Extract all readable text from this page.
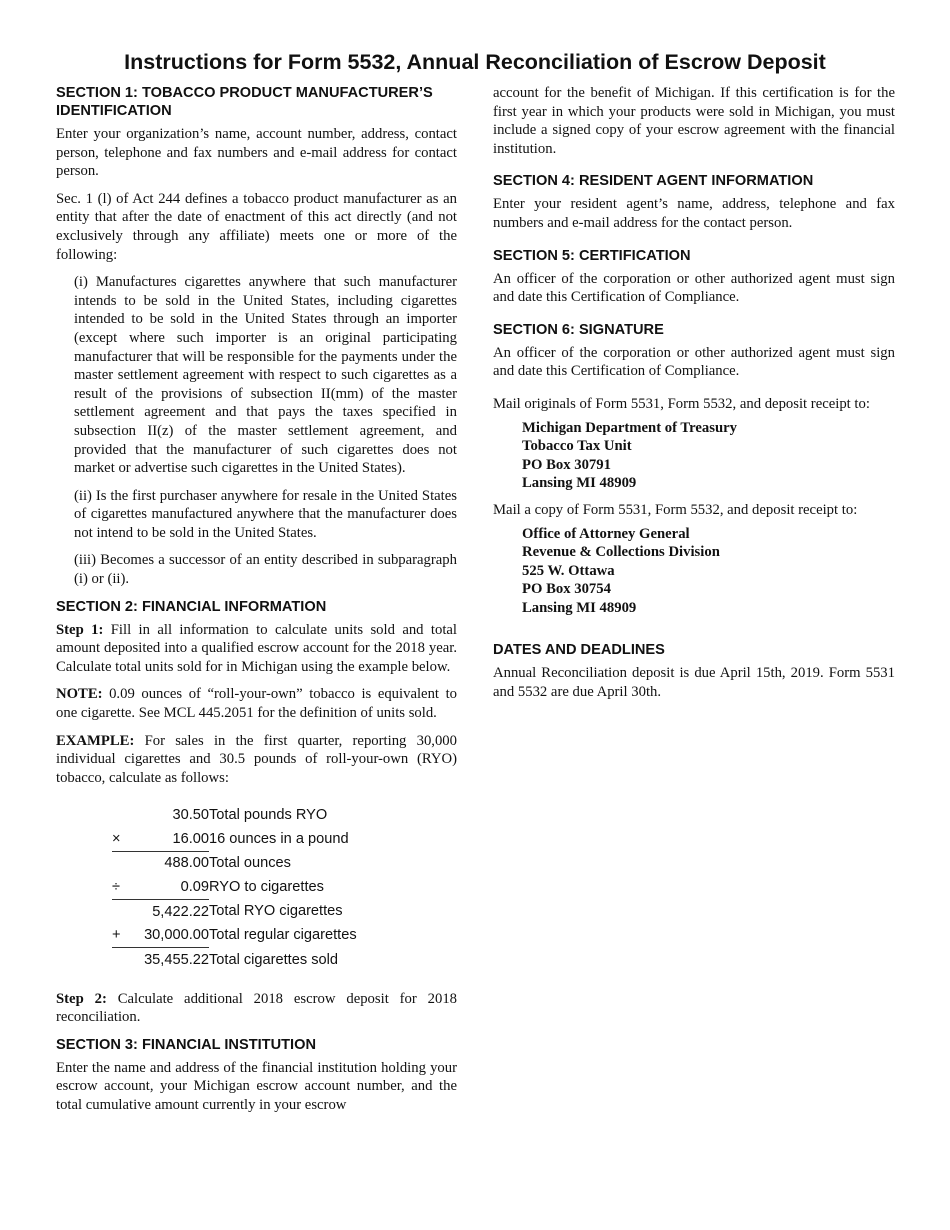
Instructions for Form 5532, Annual Reconciliation of Escrow Deposit
SECTION 1: TOBACCO PRODUCT MANUFACTURER’S IDENTIFICATION

Enter your organization’s name, account number, address, contact person, telephone and fax numbers and e-mail address for contact person.

Sec. 1 (l) of Act 244 defines a tobacco product manufacturer as an entity that after the date of enactment of this act directly (and not exclusively through any affiliate) meets one or more of the following:

(i) Manufactures cigarettes anywhere that such manufacturer intends to be sold in the United States, including cigarettes intended to be sold in the United States through an importer (except where such importer is an original participating manufacturer that will be responsible for the payments under the master settlement agreement with respect to such cigarettes as a result of the provisions of subsection II(mm) of the master settlement agreement and that pays the taxes specified in subsection II(z) of the master settlement agreement, and provided that the manufacturer of such cigarettes does not market or advertise such cigarettes in the United States).

(ii) Is the first purchaser anywhere for resale in the United States of cigarettes manufactured anywhere that the manufacturer does not intend to be sold in the United States.

(iii) Becomes a successor of an entity described in subparagraph (i) or (ii).

SECTION 2: FINANCIAL INFORMATION

Step 1: Fill in all information to calculate units sold and total amount deposited into a qualified escrow account for the 2018 year. Calculate total units sold for in Michigan using the example below.

NOTE: 0.09 ounces of “roll-your-own” tobacco is equivalent to one cigarette. See MCL 445.2051 for the definition of units sold.

EXAMPLE: For sales in the first quarter, reporting 30,000 individual cigarettes and 30.5 pounds of roll-your-own (RYO) tobacco, calculate as follows:

	30.50	Total pounds RYO
×	16.00	16 ounces in a pound
	488.00	Total ounces
÷	0.09	RYO to cigarettes
	5,422.22	Total RYO cigarettes
+	30,000.00	Total regular cigarettes
	35,455.22	Total cigarettes sold

Step 2: Calculate additional 2018 escrow deposit for 2018 reconciliation.

SECTION 3: FINANCIAL INSTITUTION

Enter the name and address of the financial institution holding your escrow account, your Michigan escrow account number, and the total cumulative amount currently in your escrow

account for the benefit of Michigan. If this certification is for the first year in which your products were sold in Michigan, you must include a signed copy of your escrow agreement with the financial institution.

SECTION 4: RESIDENT AGENT INFORMATION

Enter your resident agent’s name, address, telephone and fax numbers and e-mail address for the contact person.

SECTION 5: CERTIFICATION

An officer of the corporation or other authorized agent must sign and date this Certification of Compliance.

SECTION 6: SIGNATURE

An officer of the corporation or other authorized agent must sign and date this Certification of Compliance.

Mail originals of Form 5531, Form 5532, and deposit receipt to:

Michigan Department of Treasury
Tobacco Tax Unit
PO Box 30791
Lansing MI 48909

Mail a copy of Form 5531, Form 5532, and deposit receipt to:

Office of Attorney General
Revenue & Collections Division
525 W. Ottawa
PO Box 30754
Lansing MI 48909
DATES AND DEADLINES

Annual Reconciliation deposit is due April 15th, 2019. Form 5531 and 5532 are due April 30th.
